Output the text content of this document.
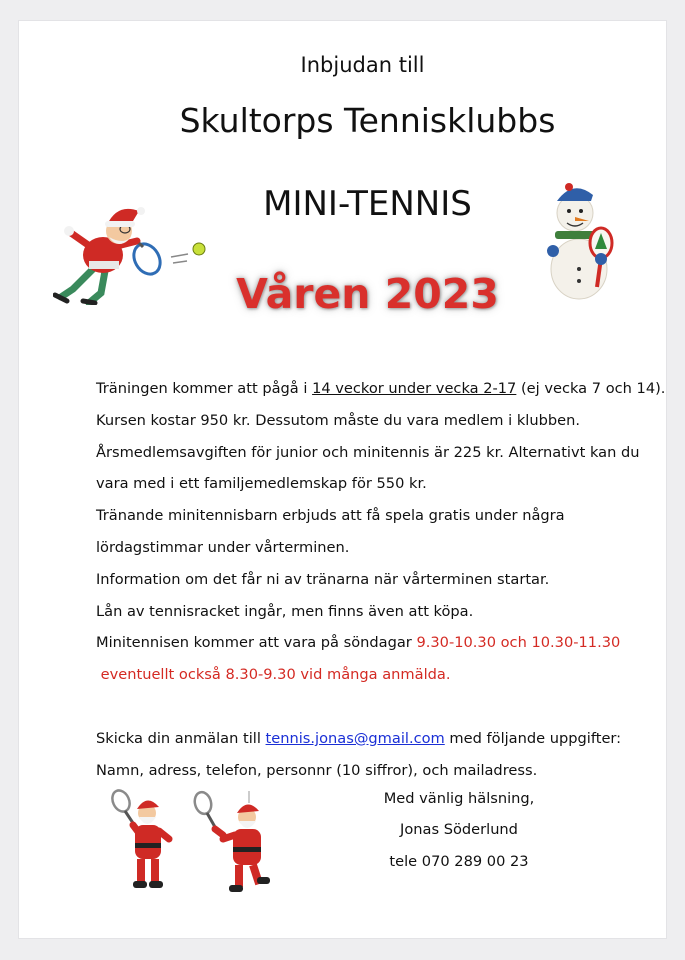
Inbjudan till
Skultorps Tennisklubbs
MINI-TENNIS
Våren 2023
Träningen kommer att pågå i 14 veckor under vecka 2-17 (ej vecka 7 och 14).
Kursen kostar 950 kr. Dessutom måste du vara medlem i klubben.
Årsmedlemsavgiften för junior och minitennis är 225 kr. Alternativt kan du
vara med i ett familjemedlemskap för 550 kr.
Tränande minitennisbarn erbjuds att få spela gratis under några
lördagstimmar under vårterminen.
Information om det får ni av tränarna när vårterminen startar.
Lån av tennisracket ingår, men finns även att köpa.
Minitennisen kommer att vara på söndagar 9.30-10.30 och 10.30-11.30
eventuellt också 8.30-9.30 vid många anmälda.
Skicka din anmälan till tennis.jonas@gmail.com med följande uppgifter:
Namn, adress, telefon, personnr (10 siffror), och mailadress.
Med vänlig hälsning,
Jonas Söderlund
tele 070 289 00 23
